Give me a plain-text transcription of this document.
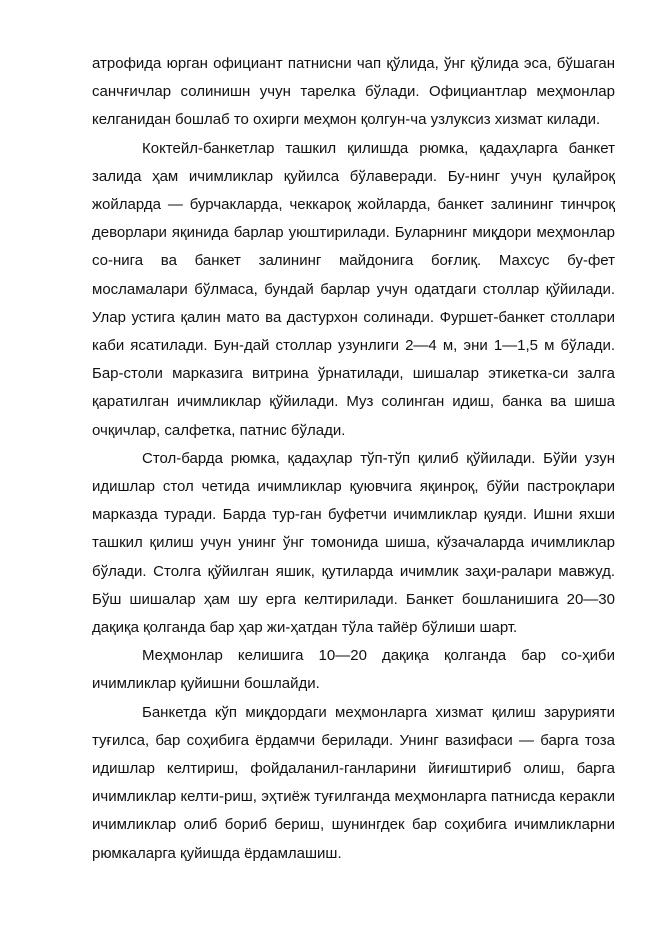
атрофида юрган официант патнисни чап қўлида, ўнг қўлида эса, бўшаган санчғичлар солинишн учун тарелка бўлади. Официантлар меҳмонлар келганидан бошлаб то охирги меҳмон қолгун-ча узлуксиз хизмат килади.

Коктейл-банкетлар ташкил қилишда рюмка, қадаҳларга банкет залида ҳам ичимликлар қуйилса бўлаверади. Бу-нинг учун қулайроқ жойларда — бурчакларда, чеккароқ жойларда, банкет залининг тинчроқ деворлари яқинида барлар уюштирилади. Буларнинг миқдори меҳмонлар со-нига ва банкет залининг майдонига боғлиқ. Махсус бу-фет мосламалари бўлмаса, бундай барлар учун одатдаги столлар қўйилади. Улар устига қалин мато ва дастурхон солинади. Фуршет-банкет столлари каби ясатилади. Бун-дай столлар узунлиги 2—4 м, эни 1—1,5 м бўлади. Бар-столи марказига витрина ўрнатилади, шишалар этикетка-си залга қаратилган ичимликлар қўйилади. Муз солинган идиш, банка ва шиша очқичлар, салфетка, патнис бўлади.

Стол-барда рюмка, қадаҳлар тўп-тўп қилиб қўйилади. Бўйи узун идишлар стол четида ичимликлар қуювчига яқинроқ, бўйи пастроқлари марказда туради. Барда тур-ган буфетчи ичимликлар қуяди. Ишни яхши ташкил қилиш учун унинг ўнг томонида шиша, кўзачаларда ичимликлар бўлади. Столга қўйилган яшик, қутиларда ичимлик заҳи-ралари мавжуд. Бўш шишалар ҳам шу ерга келтирилади. Банкет бошланишига 20—30 дақиқа қолганда бар ҳар жи-ҳатдан тўла тайёр бўлиши шарт.

Меҳмонлар келишига 10—20 дақиқа қолганда бар со-ҳиби ичимликлар қуйишни бошлайди.

Банкетда кўп миқдордаги меҳмонларга хизмат қилиш зарурияти туғилса, бар соҳибига ёрдамчи берилади. Унинг вазифаси — барга тоза идишлар келтириш, фойдаланил-ганларини йиғиштириб олиш, барга ичимликлар келти-риш, эҳтиёж туғилганда меҳмонларга патнисда керакли ичимликлар олиб бориб бериш, шунингдек бар соҳибига ичимликларни рюмкаларга қуйишда ёрдамлашиш.
